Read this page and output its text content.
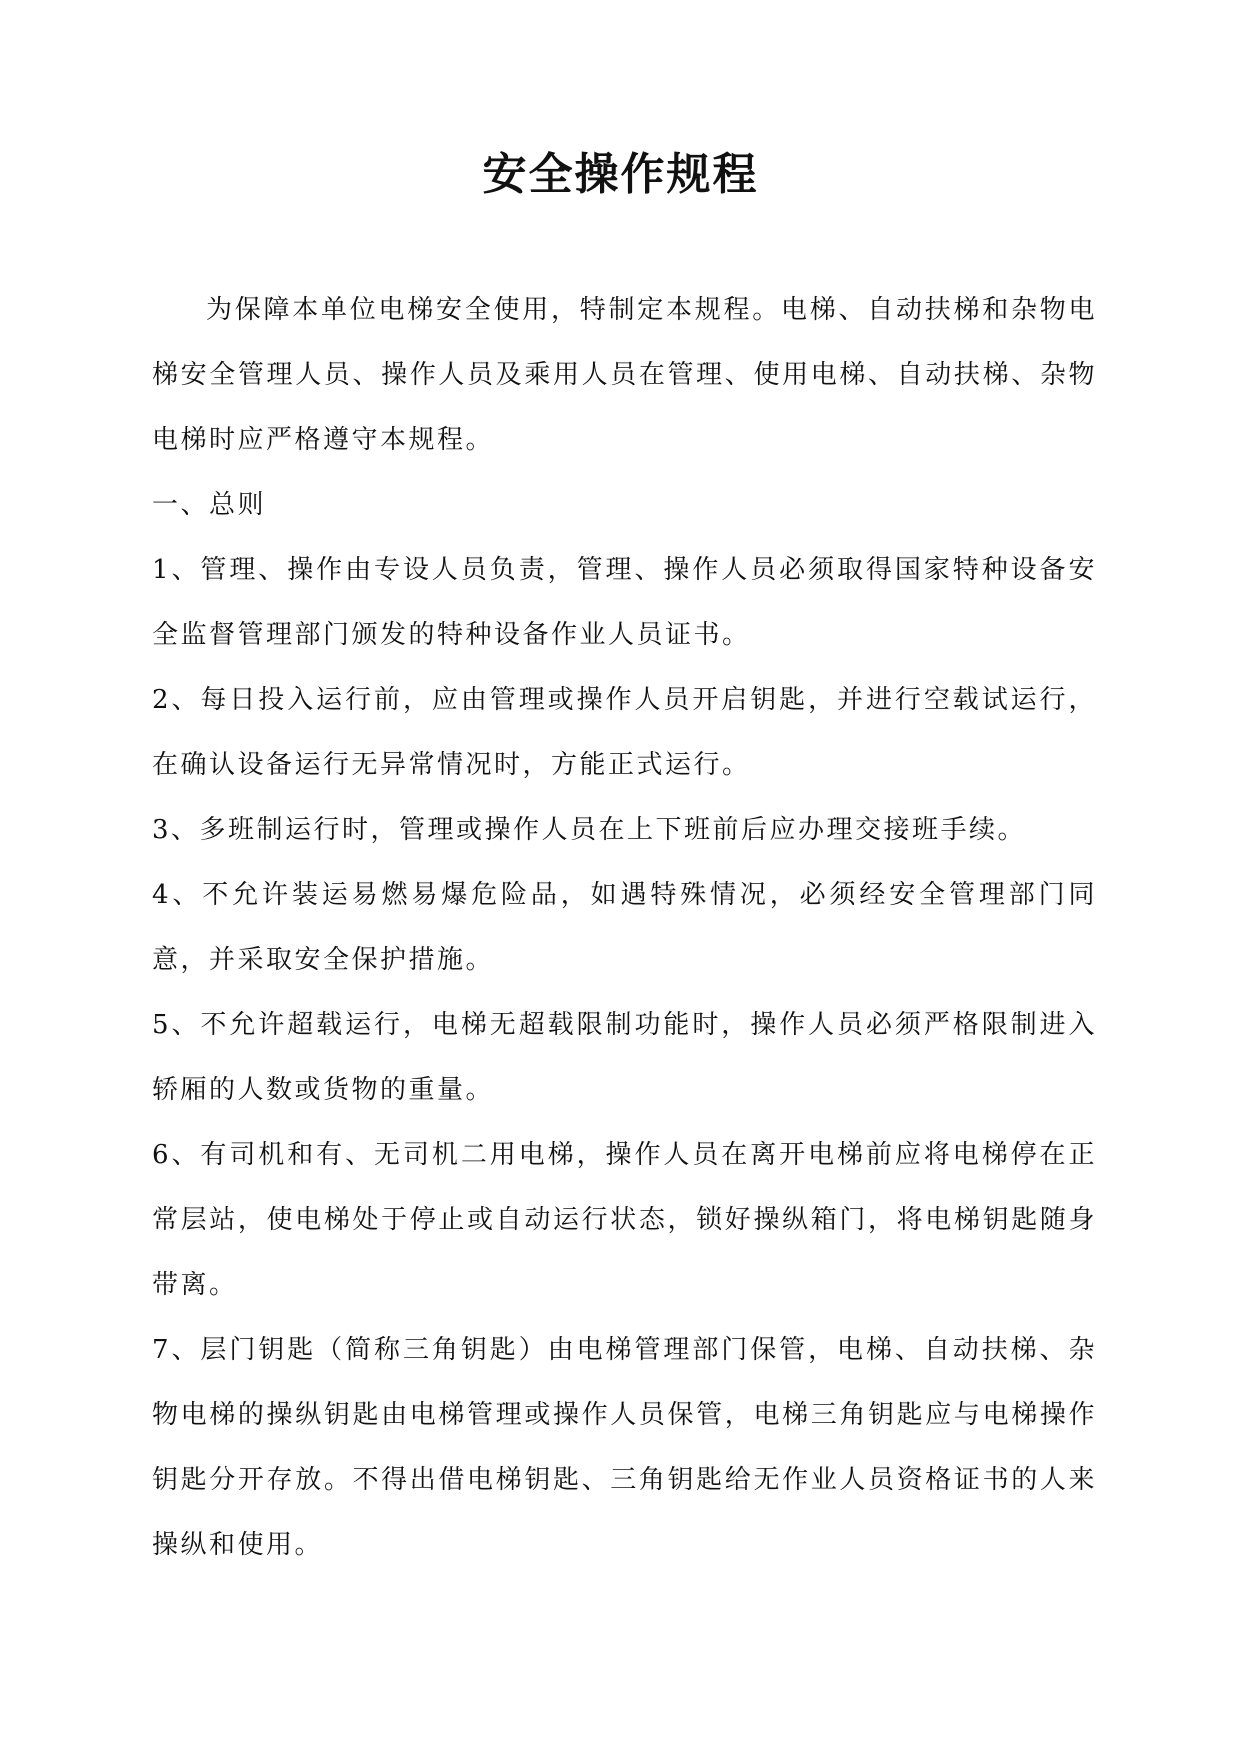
安全操作规程

为保障本单位电梯安全使用，特制定本规程。电梯、自动扶梯和杂物电梯安全管理人员、操作人员及乘用人员在管理、使用电梯、自动扶梯、杂物电梯时应严格遵守本规程。

一、总则

1、管理、操作由专设人员负责，管理、操作人员必须取得国家特种设备安全监督管理部门颁发的特种设备作业人员证书。

2、每日投入运行前，应由管理或操作人员开启钥匙，并进行空载试运行，在确认设备运行无异常情况时，方能正式运行。

3、多班制运行时，管理或操作人员在上下班前后应办理交接班手续。

4、不允许装运易燃易爆危险品，如遇特殊情况，必须经安全管理部门同意，并采取安全保护措施。

5、不允许超载运行，电梯无超载限制功能时，操作人员必须严格限制进入轿厢的人数或货物的重量。

6、有司机和有、无司机二用电梯，操作人员在离开电梯前应将电梯停在正常层站，使电梯处于停止或自动运行状态，锁好操纵箱门，将电梯钥匙随身带离。

7、层门钥匙（简称三角钥匙）由电梯管理部门保管，电梯、自动扶梯、杂物电梯的操纵钥匙由电梯管理或操作人员保管，电梯三角钥匙应与电梯操作钥匙分开存放。不得出借电梯钥匙、三角钥匙给无作业人员资格证书的人来操纵和使用。
